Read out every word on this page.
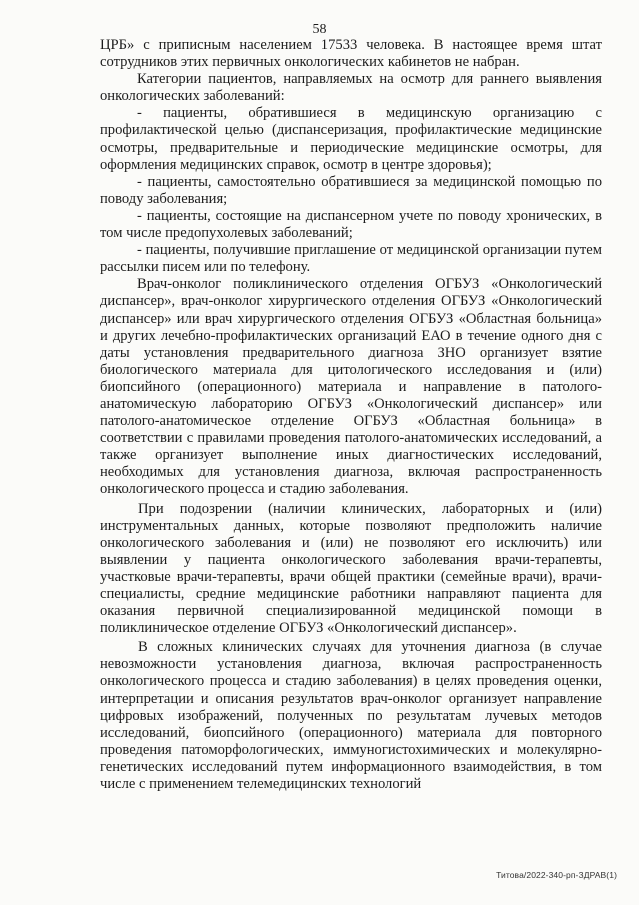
58

ЦРБ» с приписным населением 17533 человека. В настоящее время штат сотрудников этих первичных онкологических кабинетов не набран.

Категории пациентов, направляемых на осмотр для раннего выявления онкологических заболеваний:

- пациенты, обратившиеся в медицинскую организацию с профилактической целью (диспансеризация, профилактические медицинские осмотры, предварительные и периодические медицинские осмотры, для оформления медицинских справок, осмотр в центре здоровья);

- пациенты, самостоятельно обратившиеся за медицинской помощью по поводу заболевания;

- пациенты, состоящие на диспансерном учете по поводу хронических, в том числе предопухолевых заболеваний;

- пациенты, получившие приглашение от медицинской организации путем рассылки писем или по телефону.

Врач-онколог поликлинического отделения ОГБУЗ «Онкологический диспансер», врач-онколог хирургического отделения ОГБУЗ «Онкологический диспансер» или врач хирургического отделения ОГБУЗ «Областная больница» и других лечебно-профилактических организаций ЕАО в течение одного дня с даты установления предварительного диагноза ЗНО организует взятие биологического материала для цитологического исследования и (или) биопсийного (операционного) материала и направление в патолого-анатомическую лабораторию ОГБУЗ «Онкологический диспансер» или патолого-анатомическое отделение ОГБУЗ «Областная больница» в соответствии с правилами проведения патолого-анатомических исследований, а также организует выполнение иных диагностических исследований, необходимых для установления диагноза, включая распространенность онкологического процесса и стадию заболевания.

При подозрении (наличии клинических, лабораторных и (или) инструментальных данных, которые позволяют предположить наличие онкологического заболевания и (или) не позволяют его исключить) или выявлении у пациента онкологического заболевания врачи-терапевты, участковые врачи-терапевты, врачи общей практики (семейные врачи), врачи-специалисты, средние медицинские работники направляют пациента для оказания первичной специализированной медицинской помощи в поликлиническое отделение ОГБУЗ «Онкологический диспансер».

В сложных клинических случаях для уточнения диагноза (в случае невозможности установления диагноза, включая распространенность онкологического процесса и стадию заболевания) в целях проведения оценки, интерпретации и описания результатов врач-онколог организует направление цифровых изображений, полученных по результатам лучевых методов исследований, биопсийного (операционного) материала для повторного проведения патоморфологических, иммуногистохимических и молекулярно-генетических исследований путем информационного взаимодействия, в том числе с применением телемедицинских технологий

Титова/2022-340-рп-ЗДРАВ(1)
